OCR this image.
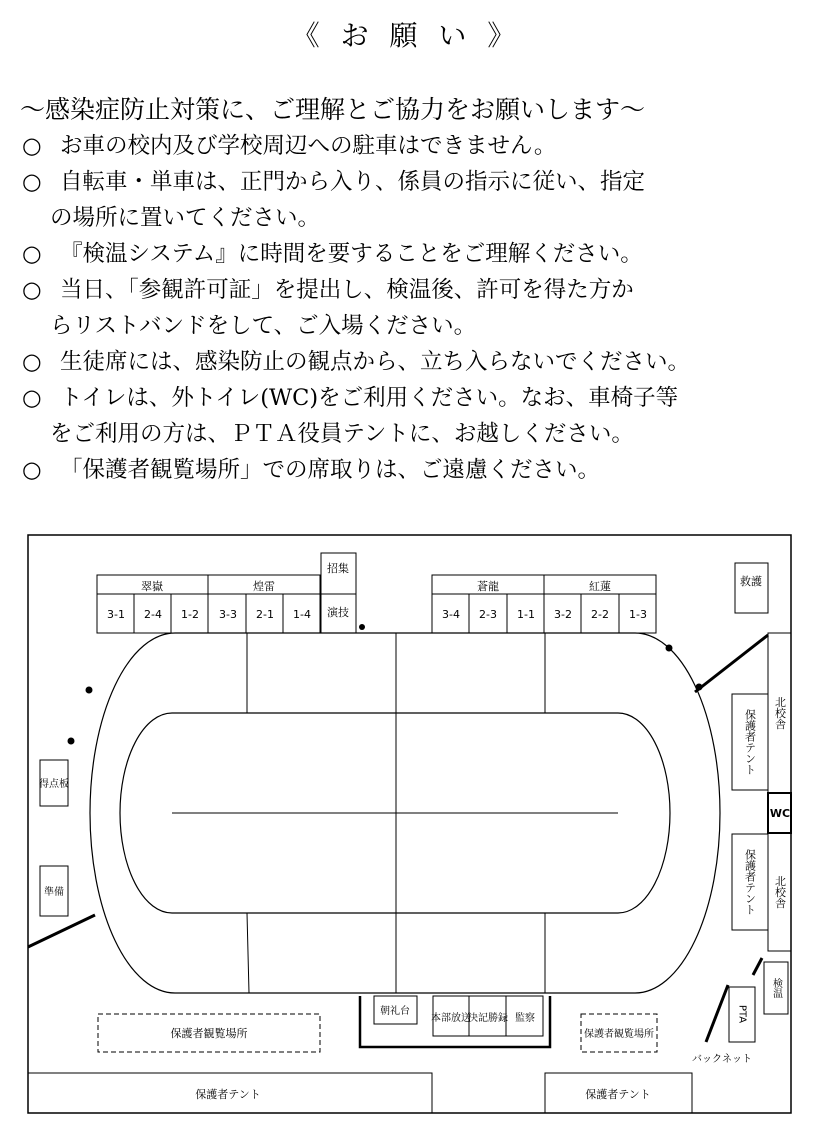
《 お 願 い 》
～感染症防止対策に、ご理解とご協力をお願いします～
○ お車の校内及び学校周辺への駐車はできません。
○ 自転車・単車は、正門から入り、係員の指示に従い、指定
の場所に置いてください。
○ 『検温システム』に時間を要することをご理解ください。
○ 当日、「参観許可証」を提出し、検温後、許可を得た方か
らリストバンドをして、ご入場ください。
○ 生徒席には、感染防止の観点から、立ち入らないでください。
○ トイレは、外トイレ(WC)をご利用ください。なお、車椅子等
をご利用の方は、ＰＴＡ役員テントに、お越しください。
○ 「保護者観覧場所」での席取りは、ご遠慮ください。
翠嶽	煌雷
3-1 2-4 1-2 3-3 2-1 1-4
招集
演技
蒼龍	紅蓮
3-4 2-3 1-1 3-2 2-2 1-3
救護
得点板
準備
保護者テント
保護者テント
北校舎
WC
北校舎
検温
PTA
バックネット
朝礼台
本部放送
決記勝録 監察
保護者観覧場所	保護者観覧場所
保護者テント	保護者テント
